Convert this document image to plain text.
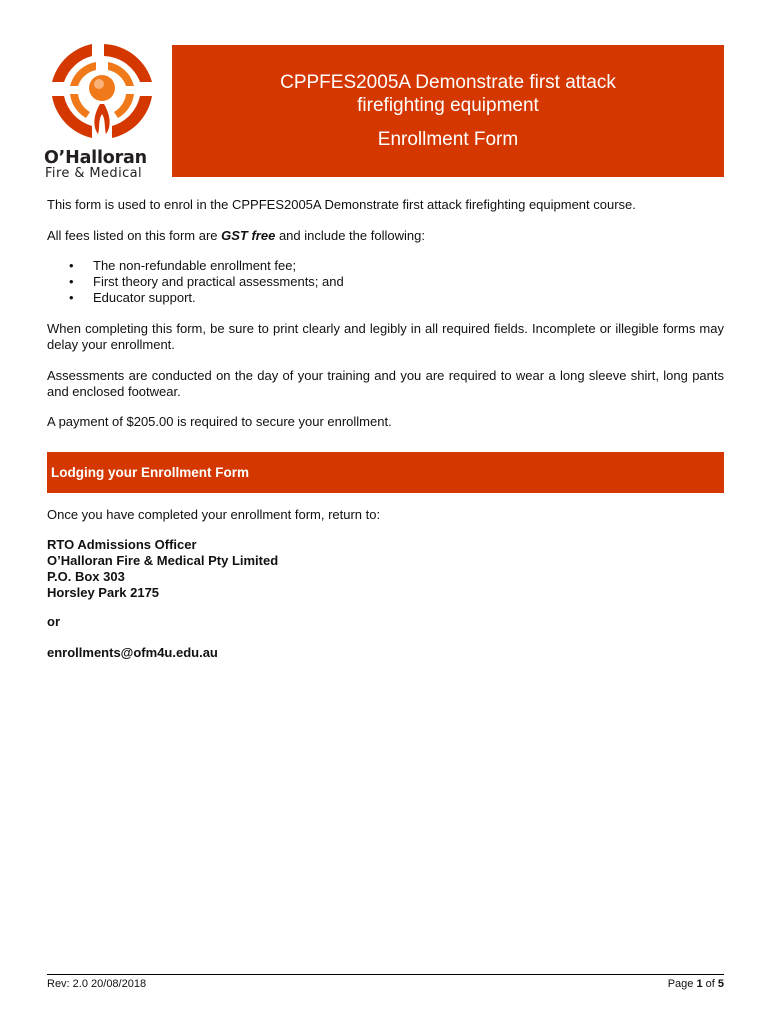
O’Halloran
Fire & Medical
CPPFES2005A Demonstrate first attack
firefighting equipment
Enrollment Form

This form is used to enrol in the CPPFES2005A Demonstrate first attack firefighting equipment course.

All fees listed on this form are GST free and include the following:

• The non-refundable enrollment fee;
• First theory and practical assessments; and
• Educator support.

When completing this form, be sure to print clearly and legibly in all required fields. Incomplete or illegible forms may delay your enrollment.

Assessments are conducted on the day of your training and you are required to wear a long sleeve shirt, long pants and enclosed footwear.

A payment of $205.00 is required to secure your enrollment.

Lodging your Enrollment Form
Once you have completed your enrollment form, return to:
RTO Admissions Officer
O’Halloran Fire & Medical Pty Limited
P.O. Box 303
Horsley Park 2175
or
enrollments@ofm4u.edu.au
Rev: 2.0 20/08/2018	Page 1 of 5
